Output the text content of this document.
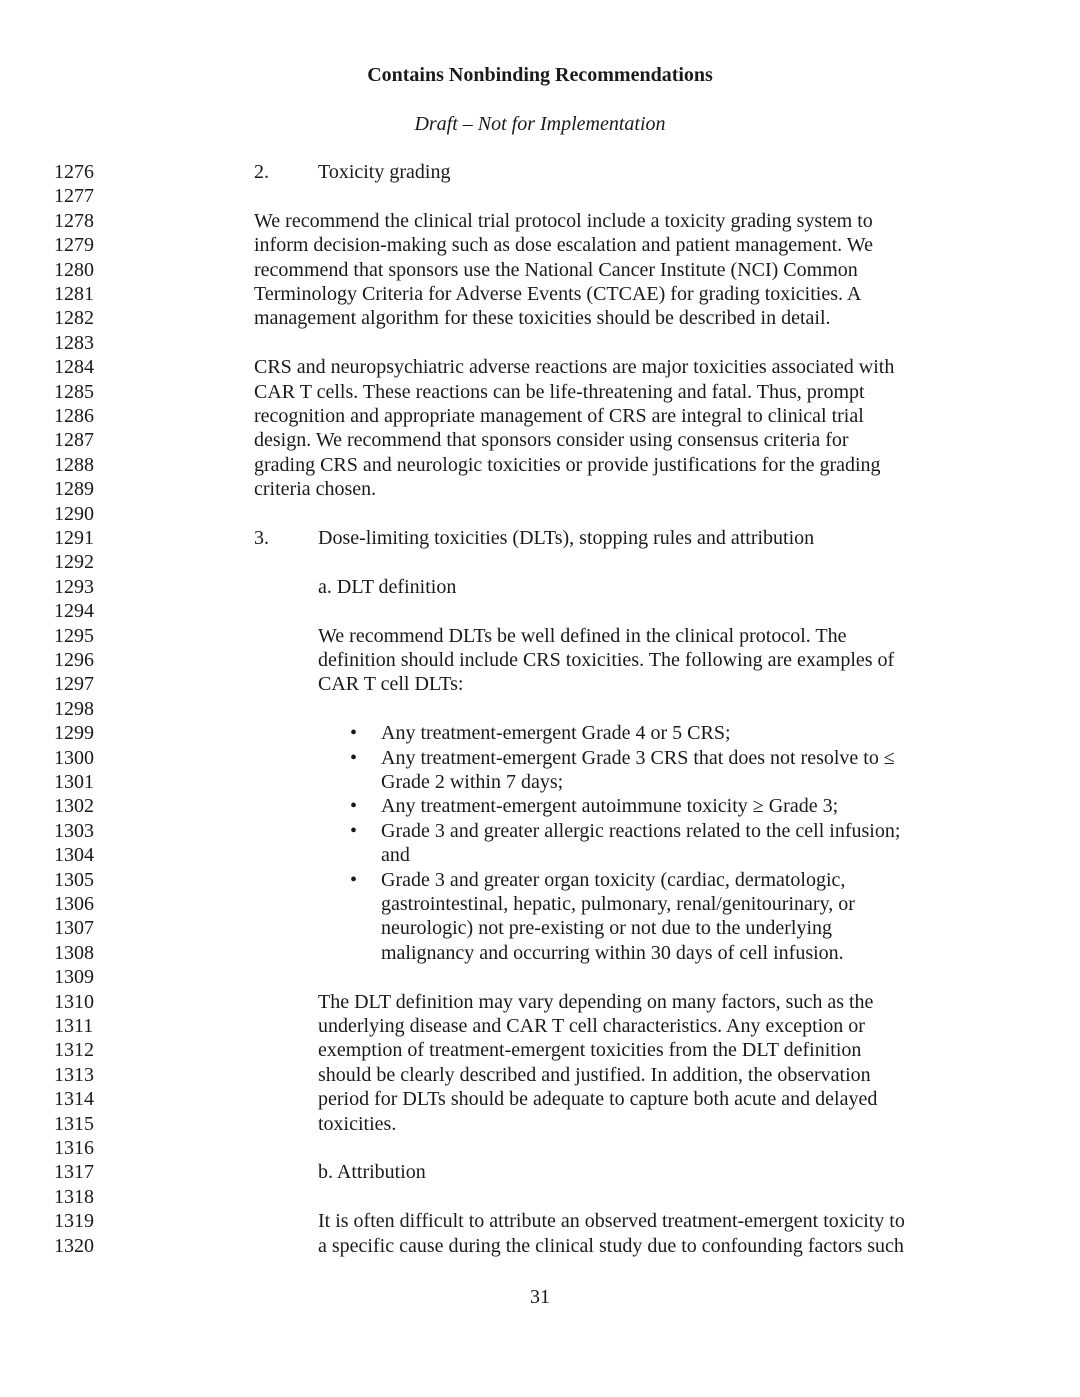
Contains Nonbinding Recommendations
Draft – Not for Implementation
1276	2. Toxicity grading
1277
1278	We recommend the clinical trial protocol include a toxicity grading system to
1279	inform decision-making such as dose escalation and patient management. We
1280	recommend that sponsors use the National Cancer Institute (NCI) Common
1281	Terminology Criteria for Adverse Events (CTCAE) for grading toxicities. A
1282	management algorithm for these toxicities should be described in detail.
1283
1284	CRS and neuropsychiatric adverse reactions are major toxicities associated with
1285	CAR T cells. These reactions can be life-threatening and fatal. Thus, prompt
1286	recognition and appropriate management of CRS are integral to clinical trial
1287	design. We recommend that sponsors consider using consensus criteria for
1288	grading CRS and neurologic toxicities or provide justifications for the grading
1289	criteria chosen.
1290
1291	3. Dose-limiting toxicities (DLTs), stopping rules and attribution
1292
1293	a. DLT definition
1294
1295	We recommend DLTs be well defined in the clinical protocol. The
1296	definition should include CRS toxicities. The following are examples of
1297	CAR T cell DLTs:
1298
1299	• Any treatment-emergent Grade 4 or 5 CRS;
1300	• Any treatment-emergent Grade 3 CRS that does not resolve to ≤
1301	Grade 2 within 7 days;
1302	• Any treatment-emergent autoimmune toxicity ≥ Grade 3;
1303	• Grade 3 and greater allergic reactions related to the cell infusion;
1304	and
1305	• Grade 3 and greater organ toxicity (cardiac, dermatologic,
1306	gastrointestinal, hepatic, pulmonary, renal/genitourinary, or
1307	neurologic) not pre-existing or not due to the underlying
1308	malignancy and occurring within 30 days of cell infusion.
1309
1310	The DLT definition may vary depending on many factors, such as the
1311	underlying disease and CAR T cell characteristics. Any exception or
1312	exemption of treatment-emergent toxicities from the DLT definition
1313	should be clearly described and justified. In addition, the observation
1314	period for DLTs should be adequate to capture both acute and delayed
1315	toxicities.
1316
1317	b. Attribution
1318
1319	It is often difficult to attribute an observed treatment-emergent toxicity to
1320	a specific cause during the clinical study due to confounding factors such
31
